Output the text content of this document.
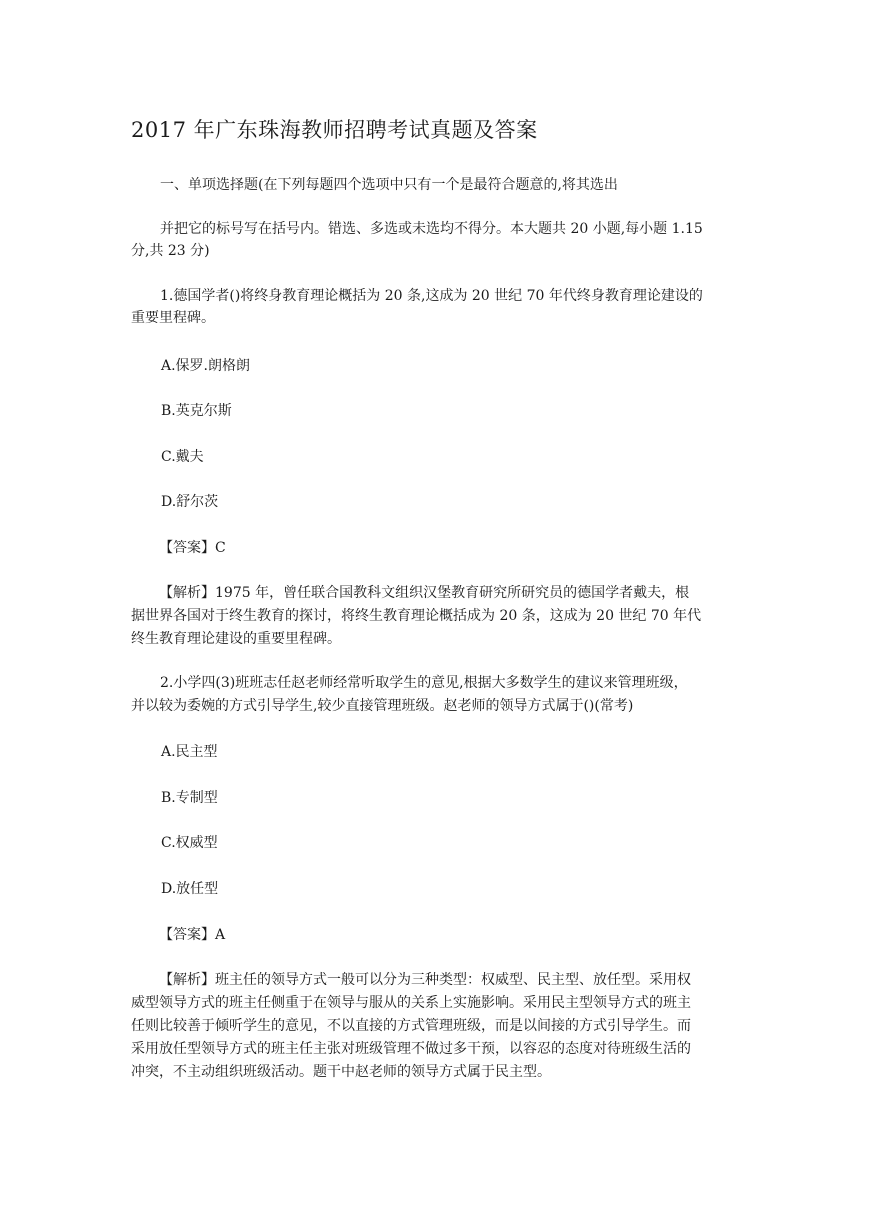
2017 年广东珠海教师招聘考试真题及答案

一、单项选择题(在下列每题四个选项中只有一个是最符合题意的,将其选出

并把它的标号写在括号内。错选、多选或未选均不得分。本大题共 20 小题,每小题 1.15

分,共 23 分)

1.德国学者()将终身教育理论概括为 20 条,这成为 20 世纪 70 年代终身教育理论建设的

重要里程碑。

A.保罗.朗格朗

B.英克尔斯

C.戴夫

D.舒尔茨

【答案】C

【解析】1975 年，曾任联合国教科文组织汉堡教育研究所研究员的德国学者戴夫，根

据世界各国对于终生教育的探讨，将终生教育理论概括成为 20 条，这成为 20 世纪 70 年代

终生教育理论建设的重要里程碑。

2.小学四(3)班班志任赵老师经常听取学生的意见,根据大多数学生的建议来管理班级，

并以较为委婉的方式引导学生,较少直接管理班级。赵老师的领导方式属于()(常考)

A.民主型

B.专制型

C.权威型

D.放任型

【答案】A

【解析】班主任的领导方式一般可以分为三种类型：权威型、民主型、放任型。采用权

威型领导方式的班主任侧重于在领导与服从的关系上实施影响。采用民主型领导方式的班主

任则比较善于倾听学生的意见，不以直接的方式管理班级，而是以间接的方式引导学生。而

采用放任型领导方式的班主任主张对班级管理不做过多干预，以容忍的态度对待班级生活的

冲突，不主动组织班级活动。题干中赵老师的领导方式属于民主型。
